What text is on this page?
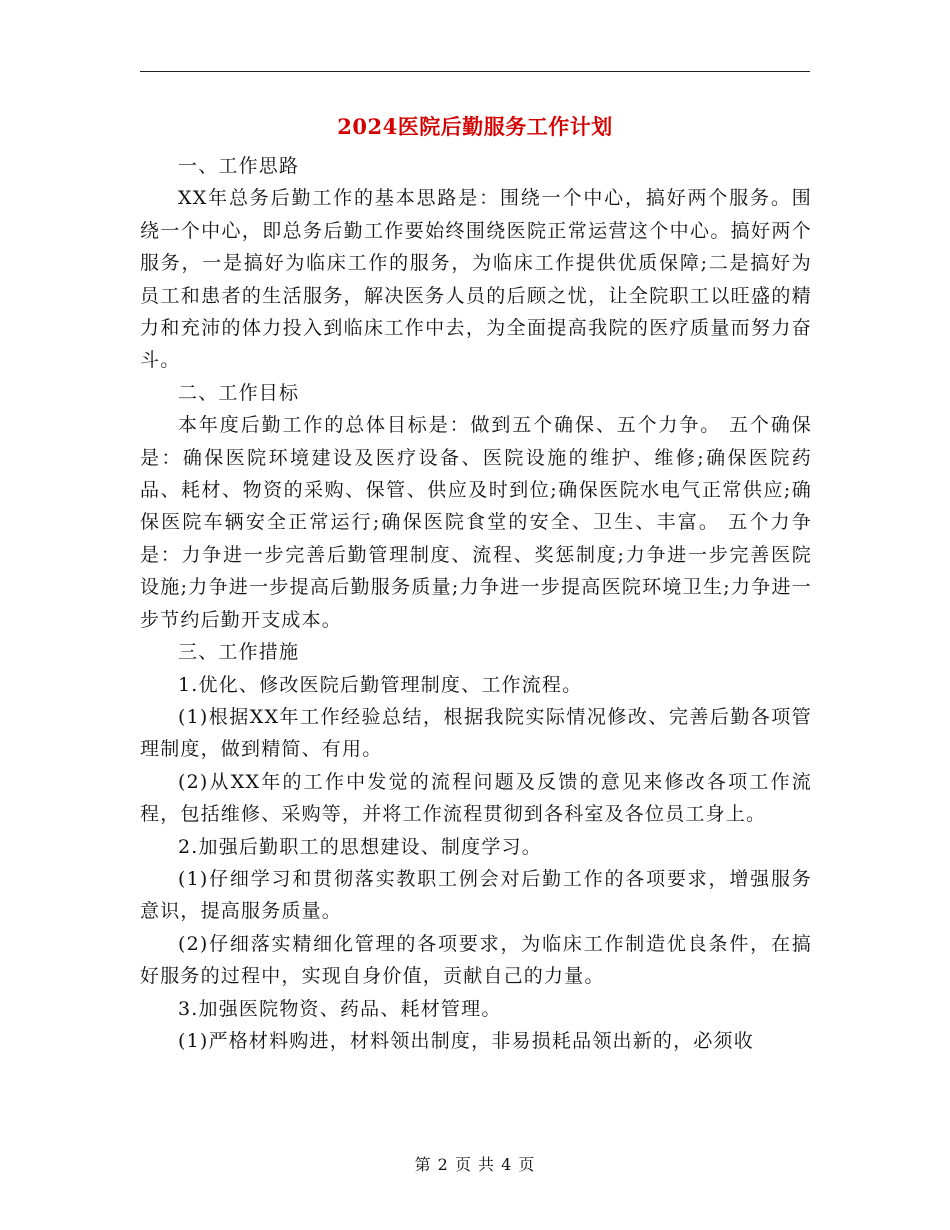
2024医院后勤服务工作计划

一、工作思路

XX年总务后勤工作的基本思路是：围绕一个中心，搞好两个服务。围绕一个中心，即总务后勤工作要始终围绕医院正常运营这个中心。搞好两个服务，一是搞好为临床工作的服务，为临床工作提供优质保障;二是搞好为员工和患者的生活服务，解决医务人员的后顾之忧，让全院职工以旺盛的精力和充沛的体力投入到临床工作中去，为全面提高我院的医疗质量而努力奋斗。

二、工作目标

本年度后勤工作的总体目标是：做到五个确保、五个力争。 五个确保是：确保医院环境建设及医疗设备、医院设施的维护、维修;确保医院药品、耗材、物资的采购、保管、供应及时到位;确保医院水电气正常供应;确保医院车辆安全正常运行;确保医院食堂的安全、卫生、丰富。 五个力争是：力争进一步完善后勤管理制度、流程、奖惩制度;力争进一步完善医院设施;力争进一步提高后勤服务质量;力争进一步提高医院环境卫生;力争进一步节约后勤开支成本。

三、工作措施

1.优化、修改医院后勤管理制度、工作流程。

(1)根据XX年工作经验总结，根据我院实际情况修改、完善后勤各项管理制度，做到精简、有用。

(2)从XX年的工作中发觉的流程问题及反馈的意见来修改各项工作流程，包括维修、采购等，并将工作流程贯彻到各科室及各位员工身上。

2.加强后勤职工的思想建设、制度学习。

(1)仔细学习和贯彻落实教职工例会对后勤工作的各项要求，增强服务意识，提高服务质量。

(2)仔细落实精细化管理的各项要求，为临床工作制造优良条件，在搞好服务的过程中，实现自身价值，贡献自己的力量。

3.加强医院物资、药品、耗材管理。

(1)严格材料购进，材料领出制度，非易损耗品领出新的，必须收

第 2 页 共 4 页
